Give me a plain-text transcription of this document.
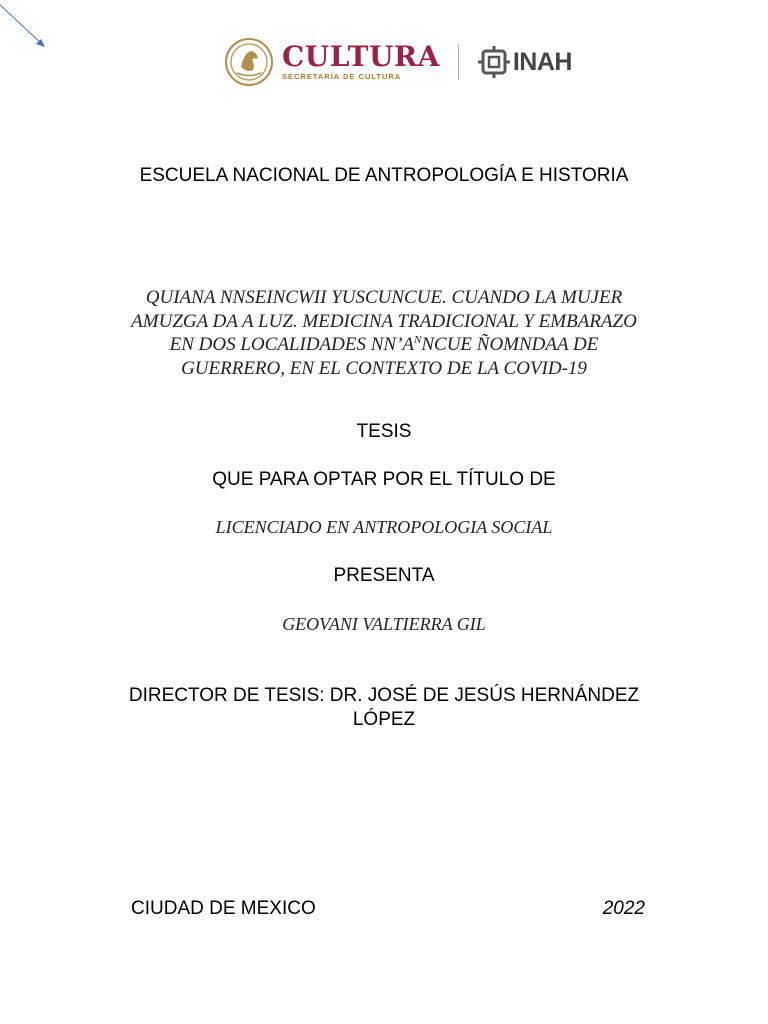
CULTURA
SECRETARÍA DE CULTURA
INAH
ESCUELA NACIONAL DE ANTROPOLOGÍA E HISTORIA
QUIANA NNSEINCWII YUSCUNCUE. CUANDO LA MUJER
AMUZGA DA A LUZ. MEDICINA TRADICIONAL Y EMBARAZO
EN DOS LOCALIDADES $NN’A^NNCUE$ ÑOMNDAA DE
GUERRERO, EN EL CONTEXTO DE LA COVID-19
TESIS
QUE PARA OPTAR POR EL TÍTULO DE
LICENCIADO EN ANTROPOLOGIA SOCIAL
PRESENTA
GEOVANI VALTIERRA GIL
DIRECTOR DE TESIS: DR. JOSÉ DE JESÚS HERNÁNDEZ
LÓPEZ
CIUDAD DE MEXICO	2022
